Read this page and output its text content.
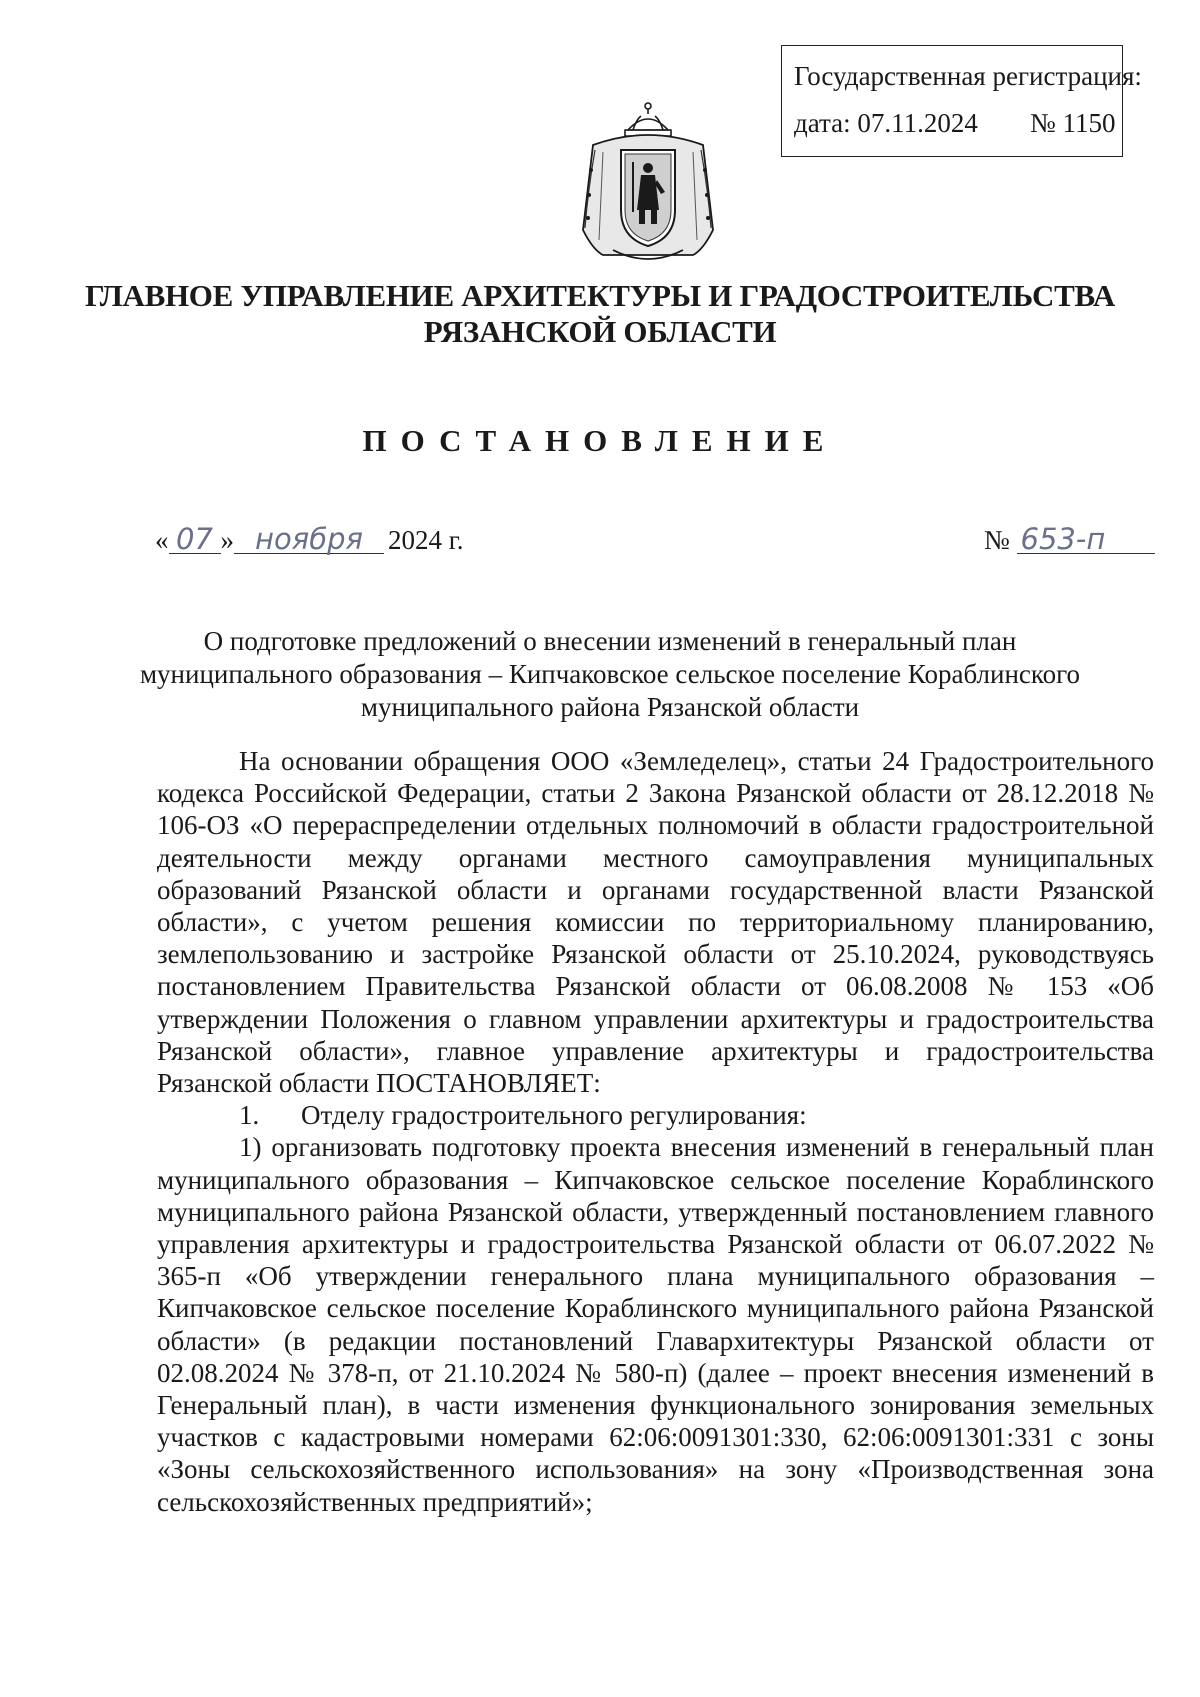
Государственная регистрация:
дата: 07.11.2024 № 1150
ГЛАВНОЕ УПРАВЛЕНИЕ АРХИТЕКТУРЫ И ГРАДОСТРОИТЕЛЬСТВА
РЯЗАНСКОЙ ОБЛАСТИ
ПОСТАНОВЛЕНИЕ
« 07 » ноября 2024 г.	№ 653-п
О подготовке предложений о внесении изменений в генеральный план
муниципального образования – Кипчаковское сельское поселение Кораблинского
муниципального района Рязанской области

На основании обращения ООО «Земледелец», статьи 24 Градостроительного кодекса Российской Федерации, статьи 2 Закона Рязанской области от 28.12.2018 № 106-ОЗ «О перераспределении отдельных полномочий в области градостроительной деятельности между органами местного самоуправления муниципальных образований Рязанской области и органами государственной власти Рязанской области», с учетом решения комиссии по территориальному планированию, землепользованию и застройке Рязанской области от 25.10.2024, руководствуясь постановлением Правительства Рязанской области от 06.08.2008 № 153 «Об утверждении Положения о главном управлении архитектуры и градостроительства Рязанской области», главное управление архитектуры и градостроительства Рязанской области ПОСТАНОВЛЯЕТ:

1. Отделу градостроительного регулирования:

1) организовать подготовку проекта внесения изменений в генеральный план муниципального образования – Кипчаковское сельское поселение Кораблинского муниципального района Рязанской области, утвержденный постановлением главного управления архитектуры и градостроительства Рязанской области от 06.07.2022 № 365-п «Об утверждении генерального плана муниципального образования – Кипчаковское сельское поселение Кораблинского муниципального района Рязанской области» (в редакции постановлений Главархитектуры Рязанской области от 02.08.2024 № 378-п, от 21.10.2024 № 580-п) (далее – проект внесения изменений в Генеральный план), в части изменения функционального зонирования земельных участков с кадастровыми номерами 62:06:0091301:330, 62:06:0091301:331 с зоны «Зоны сельскохозяйственного использования» на зону «Производственная зона сельскохозяйственных предприятий»;
